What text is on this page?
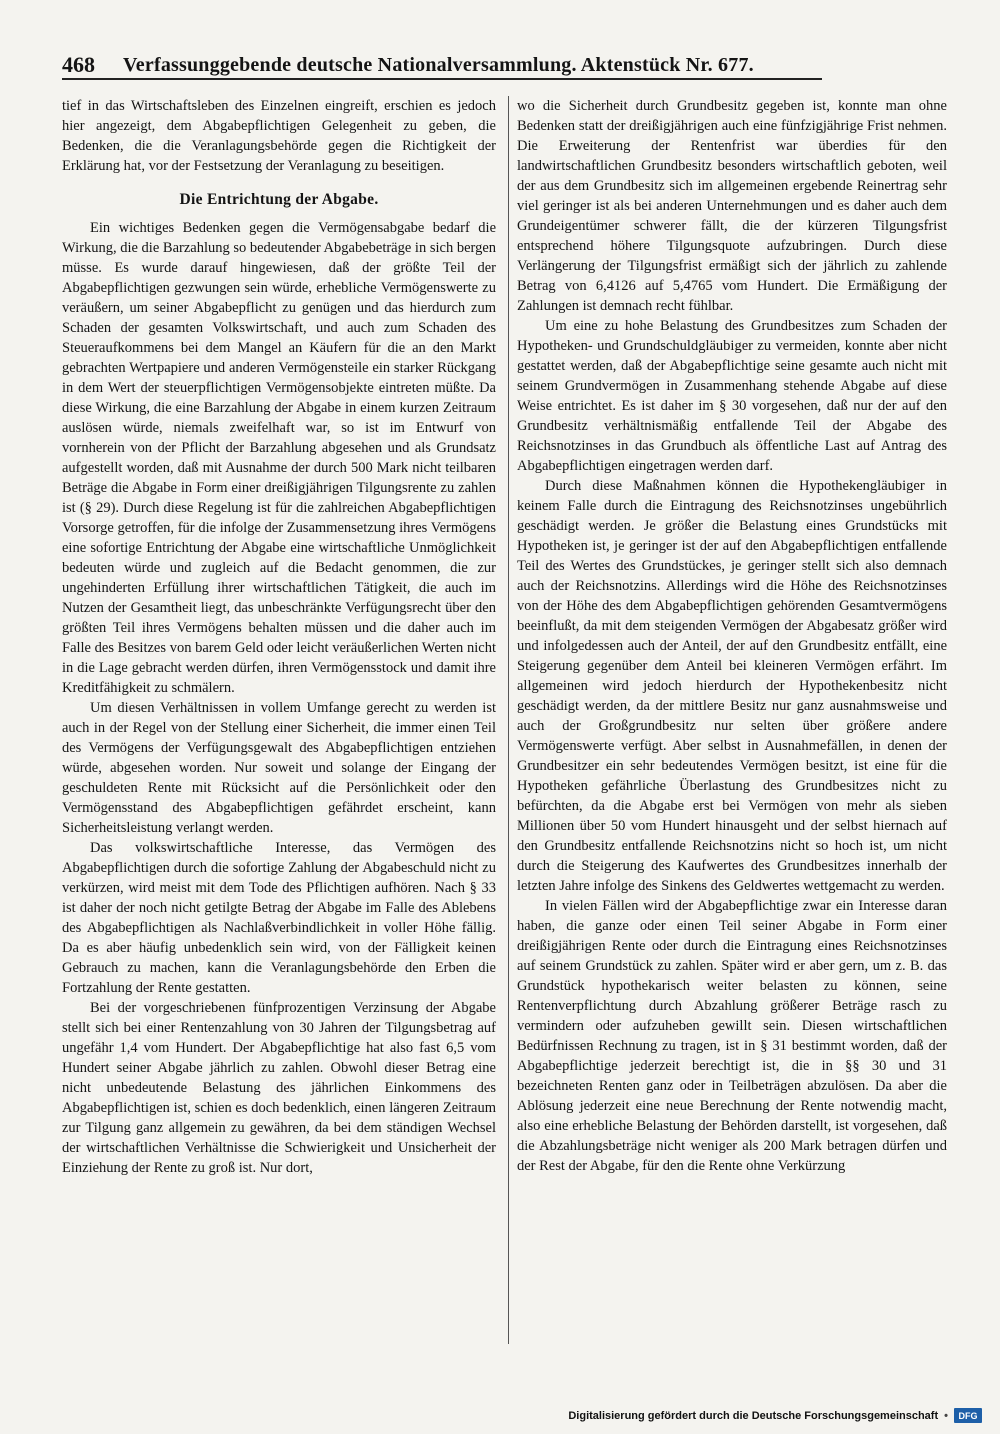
468 Verfassunggebende deutsche Nationalversammlung. Aktenstück Nr. 677.

tief in das Wirtschaftsleben des Einzelnen eingreift, erschien es jedoch hier angezeigt, dem Abgabepflichtigen Gelegenheit zu geben, die Bedenken, die die Veranlagungsbehörde gegen die Richtigkeit der Erklärung hat, vor der Festsetzung der Veranlagung zu beseitigen.

Die Entrichtung der Abgabe.

Ein wichtiges Bedenken gegen die Vermögensabgabe bedarf die Wirkung, die die Barzahlung so bedeutender Abgabebeträge in sich bergen müsse. Es wurde darauf hingewiesen, daß der größte Teil der Abgabepflichtigen gezwungen sein würde, erhebliche Vermögenswerte zu veräußern, um seiner Abgabepflicht zu genügen und das hierdurch zum Schaden der gesamten Volkswirtschaft, und auch zum Schaden des Steueraufkommens bei dem Mangel an Käufern für die an den Markt gebrachten Wertpapiere und anderen Vermögensteile ein starker Rückgang in dem Wert der steuerpflichtigen Vermögensobjekte eintreten müßte. Da diese Wirkung, die eine Barzahlung der Abgabe in einem kurzen Zeitraum auslösen würde, niemals zweifelhaft war, so ist im Entwurf von vornherein von der Pflicht der Barzahlung abgesehen und als Grundsatz aufgestellt worden, daß mit Ausnahme der durch 500 Mark nicht teilbaren Beträge die Abgabe in Form einer dreißigjährigen Tilgungsrente zu zahlen ist (§ 29). Durch diese Regelung ist für die zahlreichen Abgabepflichtigen Vorsorge getroffen, für die infolge der Zusammensetzung ihres Vermögens eine sofortige Entrichtung der Abgabe eine wirtschaftliche Unmöglichkeit bedeuten würde und zugleich auf die Bedacht genommen, die zur ungehinderten Erfüllung ihrer wirtschaftlichen Tätigkeit, die auch im Nutzen der Gesamtheit liegt, das unbeschränkte Verfügungsrecht über den größten Teil ihres Vermögens behalten müssen und die daher auch im Falle des Besitzes von barem Geld oder leicht veräußerlichen Werten nicht in die Lage gebracht werden dürfen, ihren Vermögensstock und damit ihre Kreditfähigkeit zu schmälern.

Um diesen Verhältnissen in vollem Umfange gerecht zu werden ist auch in der Regel von der Stellung einer Sicherheit, die immer einen Teil des Vermögens der Verfügungsgewalt des Abgabepflichtigen entziehen würde, abgesehen worden. Nur soweit und solange der Eingang der geschuldeten Rente mit Rücksicht auf die Persönlichkeit oder den Vermögensstand des Abgabepflichtigen gefährdet erscheint, kann Sicherheitsleistung verlangt werden.

Das volkswirtschaftliche Interesse, das Vermögen des Abgabepflichtigen durch die sofortige Zahlung der Abgabeschuld nicht zu verkürzen, wird meist mit dem Tode des Pflichtigen aufhören. Nach § 33 ist daher der noch nicht getilgte Betrag der Abgabe im Falle des Ablebens des Abgabepflichtigen als Nachlaßverbindlichkeit in voller Höhe fällig. Da es aber häufig unbedenklich sein wird, von der Fälligkeit keinen Gebrauch zu machen, kann die Veranlagungsbehörde den Erben die Fortzahlung der Rente gestatten.

Bei der vorgeschriebenen fünfprozentigen Verzinsung der Abgabe stellt sich bei einer Rentenzahlung von 30 Jahren der Tilgungsbetrag auf ungefähr 1,4 vom Hundert. Der Abgabepflichtige hat also fast 6,5 vom Hundert seiner Abgabe jährlich zu zahlen. Obwohl dieser Betrag eine nicht unbedeutende Belastung des jährlichen Einkommens des Abgabepflichtigen ist, schien es doch bedenklich, einen längeren Zeitraum zur Tilgung ganz allgemein zu gewähren, da bei dem ständigen Wechsel der wirtschaftlichen Verhältnisse die Schwierigkeit und Unsicherheit der Einziehung der Rente zu groß ist. Nur dort,

wo die Sicherheit durch Grundbesitz gegeben ist, konnte man ohne Bedenken statt der dreißigjährigen auch eine fünfzigjährige Frist nehmen. Die Erweiterung der Rentenfrist war überdies für den landwirtschaftlichen Grundbesitz besonders wirtschaftlich geboten, weil der aus dem Grundbesitz sich im allgemeinen ergebende Reinertrag sehr viel geringer ist als bei anderen Unternehmungen und es daher auch dem Grundeigentümer schwerer fällt, die der kürzeren Tilgungsfrist entsprechend höhere Tilgungsquote aufzubringen. Durch diese Verlängerung der Tilgungsfrist ermäßigt sich der jährlich zu zahlende Betrag von 6,4126 auf 5,4765 vom Hundert. Die Ermäßigung der Zahlungen ist demnach recht fühlbar.

Um eine zu hohe Belastung des Grundbesitzes zum Schaden der Hypotheken- und Grundschuldgläubiger zu vermeiden, konnte aber nicht gestattet werden, daß der Abgabepflichtige seine gesamte auch nicht mit seinem Grundvermögen in Zusammenhang stehende Abgabe auf diese Weise entrichtet. Es ist daher im § 30 vorgesehen, daß nur der auf den Grundbesitz verhältnismäßig entfallende Teil der Abgabe des Reichsnotzinses in das Grundbuch als öffentliche Last auf Antrag des Abgabepflichtigen eingetragen werden darf.

Durch diese Maßnahmen können die Hypothekengläubiger in keinem Falle durch die Eintragung des Reichsnotzinses ungebührlich geschädigt werden. Je größer die Belastung eines Grundstücks mit Hypotheken ist, je geringer ist der auf den Abgabepflichtigen entfallende Teil des Wertes des Grundstückes, je geringer stellt sich also demnach auch der Reichsnotzins. Allerdings wird die Höhe des Reichsnotzinses von der Höhe des dem Abgabepflichtigen gehörenden Gesamtvermögens beeinflußt, da mit dem steigenden Vermögen der Abgabesatz größer wird und infolgedessen auch der Anteil, der auf den Grundbesitz entfällt, eine Steigerung gegenüber dem Anteil bei kleineren Vermögen erfährt. Im allgemeinen wird jedoch hierdurch der Hypothekenbesitz nicht geschädigt werden, da der mittlere Besitz nur ganz ausnahmsweise und auch der Großgrundbesitz nur selten über größere andere Vermögenswerte verfügt. Aber selbst in Ausnahmefällen, in denen der Grundbesitzer ein sehr bedeutendes Vermögen besitzt, ist eine für die Hypotheken gefährliche Überlastung des Grundbesitzes nicht zu befürchten, da die Abgabe erst bei Vermögen von mehr als sieben Millionen über 50 vom Hundert hinausgeht und der selbst hiernach auf den Grundbesitz entfallende Reichsnotzins nicht so hoch ist, um nicht durch die Steigerung des Kaufwertes des Grundbesitzes innerhalb der letzten Jahre infolge des Sinkens des Geldwertes wettgemacht zu werden.

In vielen Fällen wird der Abgabepflichtige zwar ein Interesse daran haben, die ganze oder einen Teil seiner Abgabe in Form einer dreißigjährigen Rente oder durch die Eintragung eines Reichsnotzinses auf seinem Grundstück zu zahlen. Später wird er aber gern, um z. B. das Grundstück hypothekarisch weiter belasten zu können, seine Rentenverpflichtung durch Abzahlung größerer Beträge rasch zu vermindern oder aufzuheben gewillt sein. Diesen wirtschaftlichen Bedürfnissen Rechnung zu tragen, ist in § 31 bestimmt worden, daß der Abgabepflichtige jederzeit berechtigt ist, die in §§ 30 und 31 bezeichneten Renten ganz oder in Teilbeträgen abzulösen. Da aber die Ablösung jederzeit eine neue Berechnung der Rente notwendig macht, also eine erhebliche Belastung der Behörden darstellt, ist vorgesehen, daß die Abzahlungsbeträge nicht weniger als 200 Mark betragen dürfen und der Rest der Abgabe, für den die Rente ohne Verkürzung

Digitalisierung gefördert durch die Deutsche Forschungsgemeinschaft •	DFG
